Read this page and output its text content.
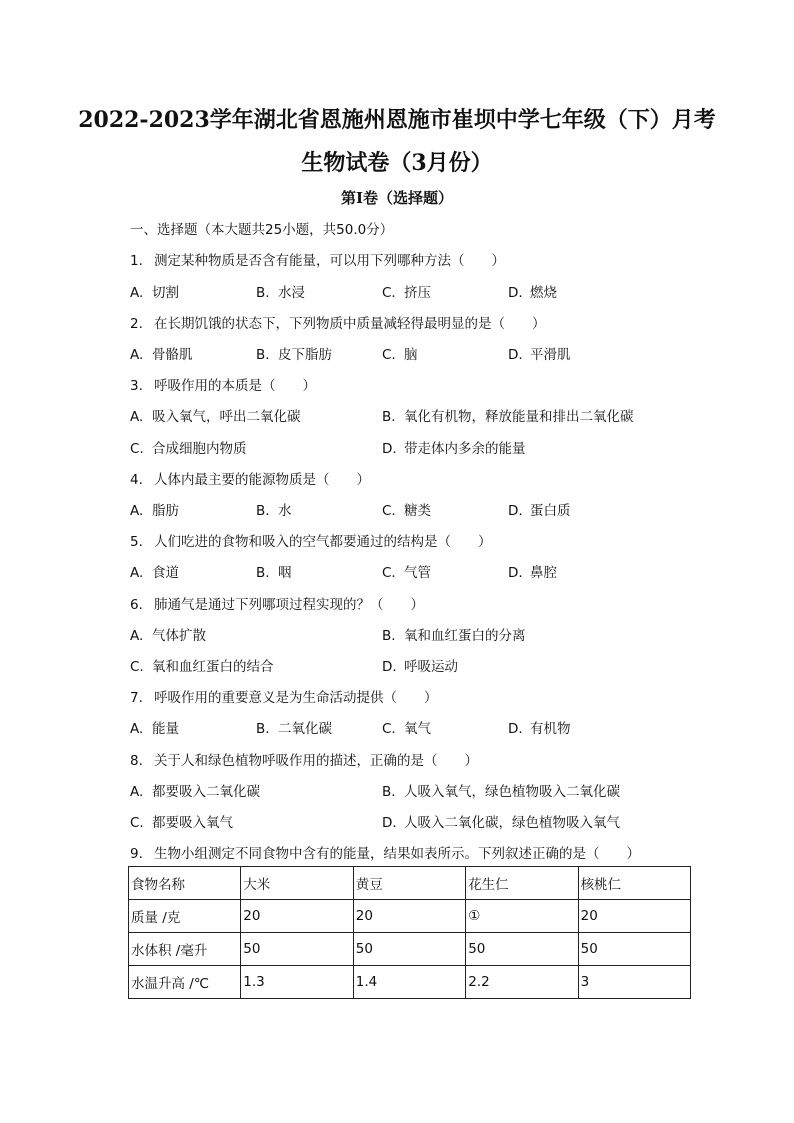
2022-2023学年湖北省恩施州恩施市崔坝中学七年级（下）月考
生物试卷（3月份）
第I卷（选择题）
一、选择题（本大题共25小题，共50.0分）
1. 测定某种物质是否含有能量，可以用下列哪种方法（　　）
A. 切割	B. 水浸	C. 挤压	D. 燃烧
2. 在长期饥饿的状态下，下列物质中质量减轻得最明显的是（　　）
A. 骨骼肌	B. 皮下脂肪	C. 脑	D. 平滑肌
3. 呼吸作用的本质是（　　）
A. 吸入氧气，呼出二氧化碳	B. 氧化有机物，释放能量和排出二氧化碳
C. 合成细胞内物质	D. 带走体内多余的能量
4. 人体内最主要的能源物质是（　　）
A. 脂肪	B. 水	C. 糖类	D. 蛋白质
5. 人们吃进的食物和吸入的空气都要通过的结构是（　　）
A. 食道	B. 咽	C. 气管	D. 鼻腔
6. 肺通气是通过下列哪项过程实现的？（　　）
A. 气体扩散	B. 氧和血红蛋白的分离
C. 氧和血红蛋白的结合	D. 呼吸运动
7. 呼吸作用的重要意义是为生命活动提供（　　）
A. 能量	B. 二氧化碳	C. 氧气	D. 有机物
8. 关于人和绿色植物呼吸作用的描述，正确的是（　　）
A. 都要吸入二氧化碳	B. 人吸入氧气，绿色植物吸入二氧化碳
C. 都要吸入氧气	D. 人吸入二氧化碳，绿色植物吸入氧气
9. 生物小组测定不同食物中含有的能量，结果如表所示。下列叙述正确的是（　　）
食物名称	大米	黄豆	花生仁	核桃仁
质量 /克	20	20	①	20
水体积 /毫升	50	50	50	50
水温升高 /℃	1.3	1.4	2.2	3
